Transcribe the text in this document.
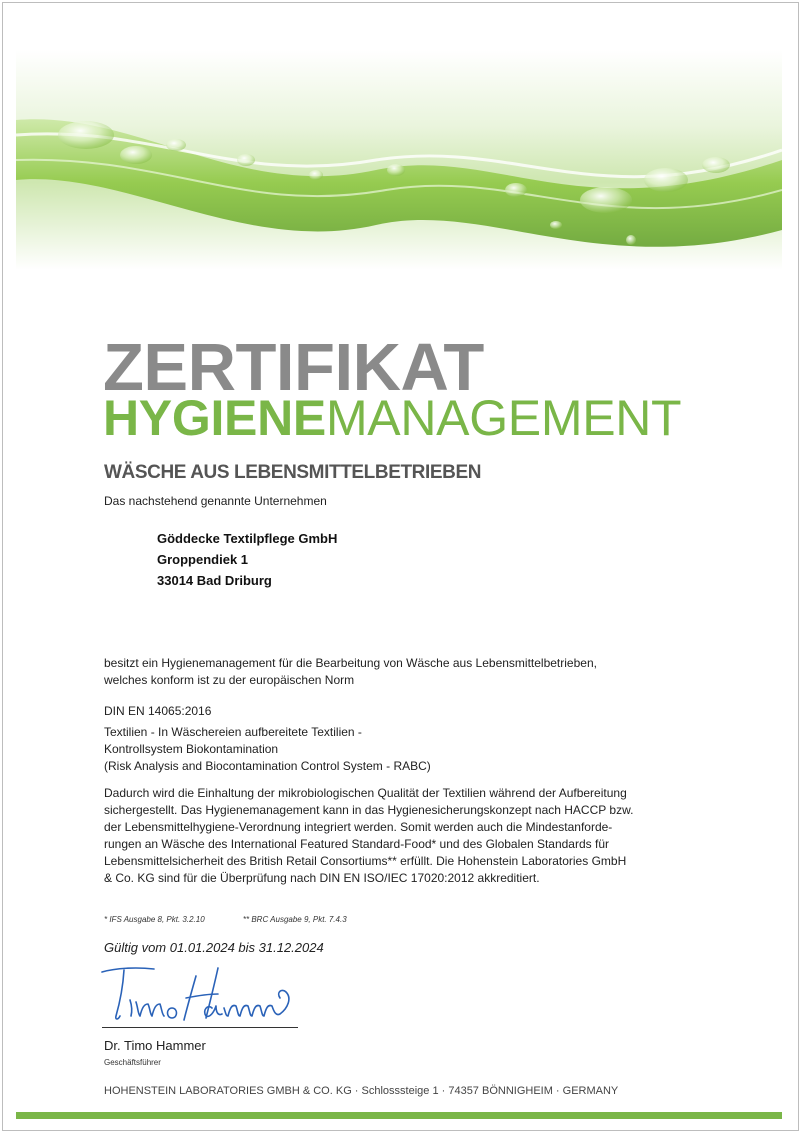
ZERTIFIKAT
HYGIENEMANAGEMENT
WÄSCHE AUS LEBENSMITTELBETRIEBEN
Das nachstehend genannte Unternehmen
Göddecke Textilpflege GmbH
Groppendiek 1
33014 Bad Driburg
besitzt ein Hygienemanagement für die Bearbeitung von Wäsche aus Lebensmittelbetrieben,
welches konform ist zu der europäischen Norm
DIN EN 14065:2016
Textilien - In Wäschereien aufbereitete Textilien -
Kontrollsystem Biokontamination
(Risk Analysis and Biocontamination Control System - RABC)
Dadurch wird die Einhaltung der mikrobiologischen Qualität der Textilien während der Aufbereitung
sichergestellt. Das Hygienemanagement kann in das Hygienesicherungskonzept nach HACCP bzw.
der Lebensmittelhygiene-Verordnung integriert werden. Somit werden auch die Mindestanforde-
rungen an Wäsche des International Featured Standard-Food* und des Globalen Standards für
Lebensmittelsicherheit des British Retail Consortiums** erfüllt. Die Hohenstein Laboratories GmbH
& Co. KG sind für die Überprüfung nach DIN EN ISO/IEC 17020:2012 akkreditiert.
* IFS Ausgabe 8, Pkt. 3.2.10	** BRC Ausgabe 9, Pkt. 7.4.3
Gültig vom 01.01.2024 bis 31.12.2024
Dr. Timo Hammer
Geschäftsführer
HOHENSTEIN LABORATORIES GMBH & CO. KG · Schlosssteige 1 · 74357 BÖNNIGHEIM · GERMANY
